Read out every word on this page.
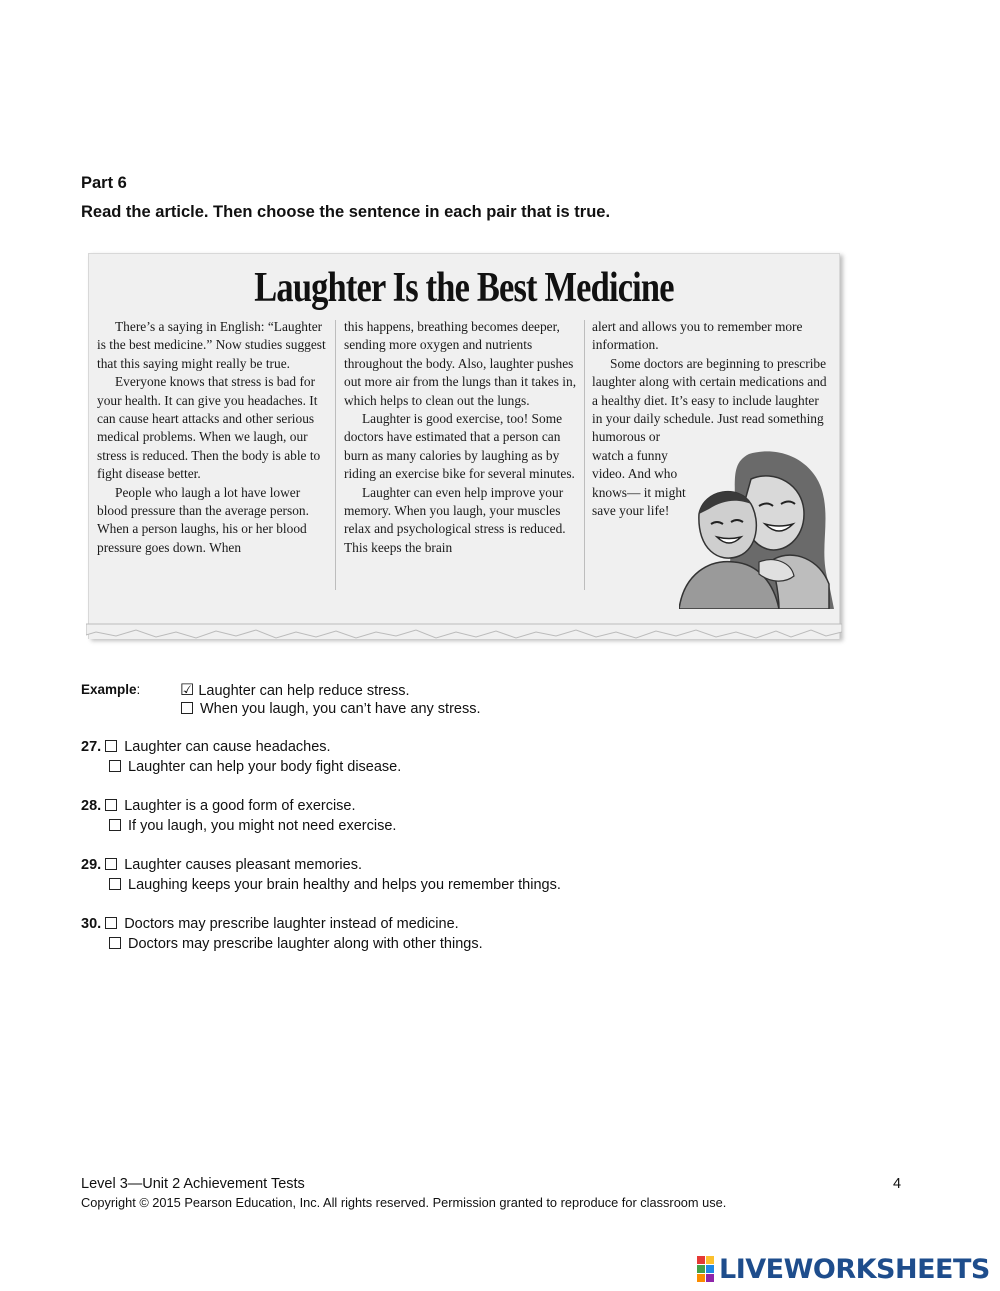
Part 6
Read the article. Then choose the sentence in each pair that is true.
Laughter Is the Best Medicine

There’s a saying in English: “Laughter is the best medicine.” Now studies suggest that this saying might really be true.

Everyone knows that stress is bad for your health. It can give you headaches. It can cause heart attacks and other serious medical problems. When we laugh, our stress is reduced. Then the body is able to fight disease better.

People who laugh a lot have lower blood pressure than the average person. When a person laughs, his or her blood pressure goes down. When

this happens, breathing becomes deeper, sending more oxygen and nutrients throughout the body. Also, laughter pushes out more air from the lungs than it takes in, which helps to clean out the lungs.

Laughter is good exercise, too! Some doctors have estimated that a person can burn as many calories by laughing as by riding an exercise bike for several minutes.

Laughter can even help improve your memory. When you laugh, your muscles relax and psychological stress is reduced. This keeps the brain

alert and allows you to remember more information.

Some doctors are beginning to prescribe laughter along with certain medications and a healthy diet. It’s easy to include laughter in your daily schedule. Just read something

humorous or watch a funny video. And who knows— it might save your life!

Example: ☑ Laughter can help reduce stress.
When you laugh, you can’t have any stress.
27. Laughter can cause headaches.
Laughter can help your body fight disease.
28. Laughter is a good form of exercise.
If you laugh, you might not need exercise.
29. Laughter causes pleasant memories.
Laughing keeps your brain healthy and helps you remember things.
30. Doctors may prescribe laughter instead of medicine.
Doctors may prescribe laughter along with other things.
Level 3—Unit 2 Achievement Tests	4
Copyright © 2015 Pearson Education, Inc. All rights reserved. Permission granted to reproduce for classroom use.
LIVEWORKSHEETS
